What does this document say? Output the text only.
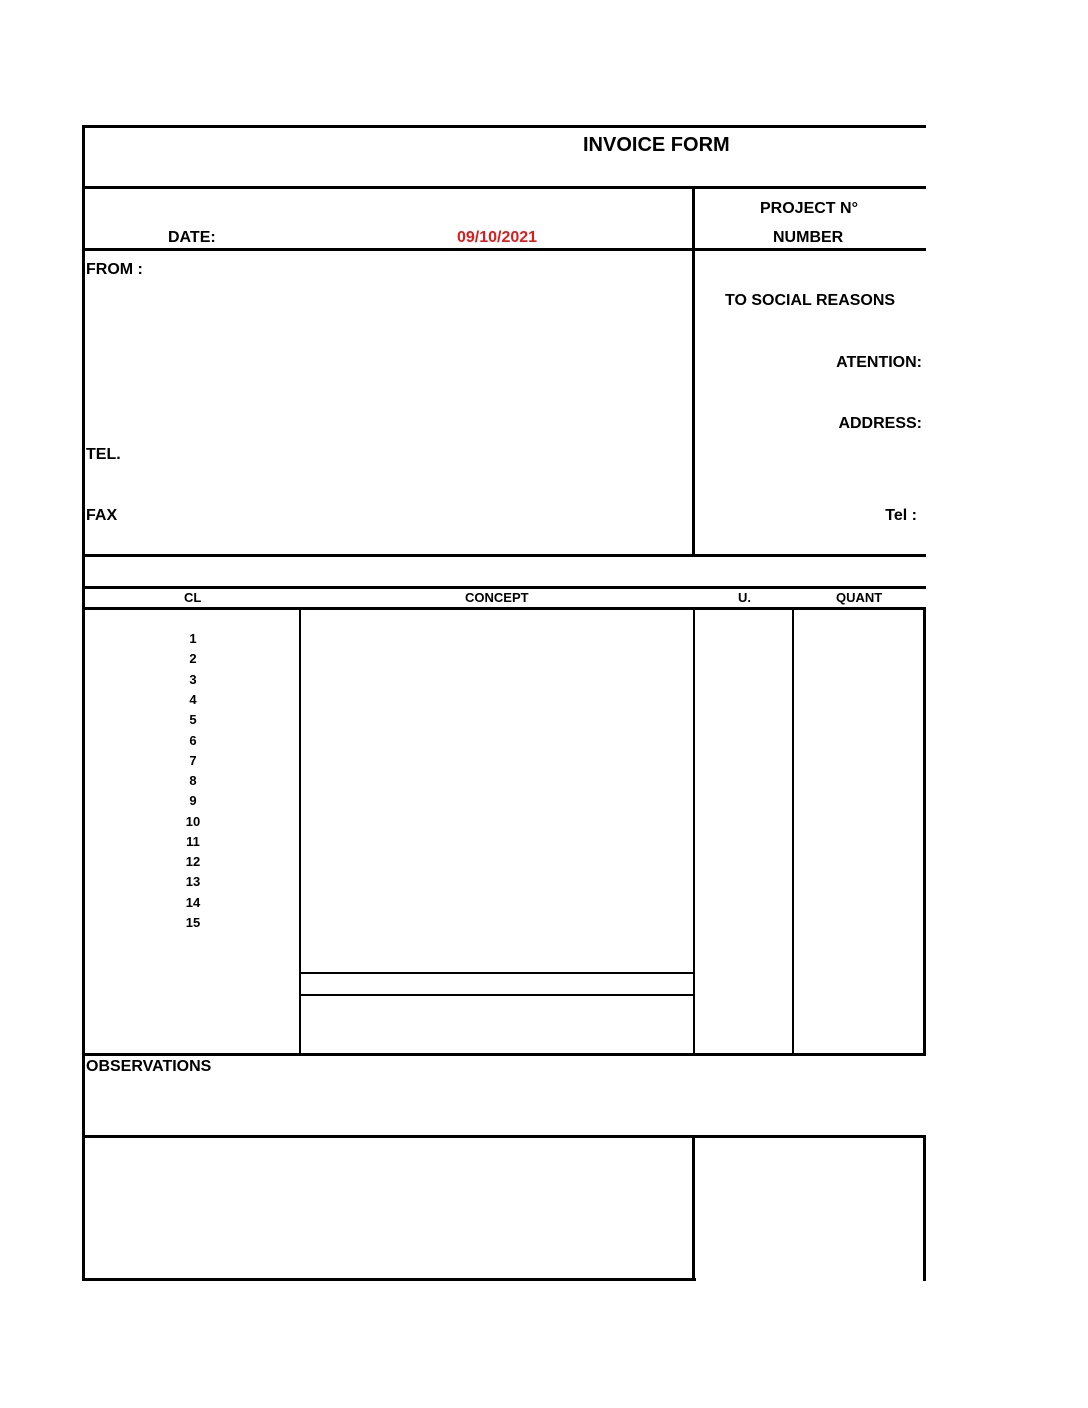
INVOICE FORM
DATE:	09/10/2021
PROJECT N°
NUMBER
FROM :
TEL.
FAX
TO SOCIAL REASONS
ATENTION:
ADDRESS:
Tel :
CL	CONCEPT	U.	QUANT
1
2
3
4
5
6
7
8
9
10
11
12
13
14
15
OBSERVATIONS
